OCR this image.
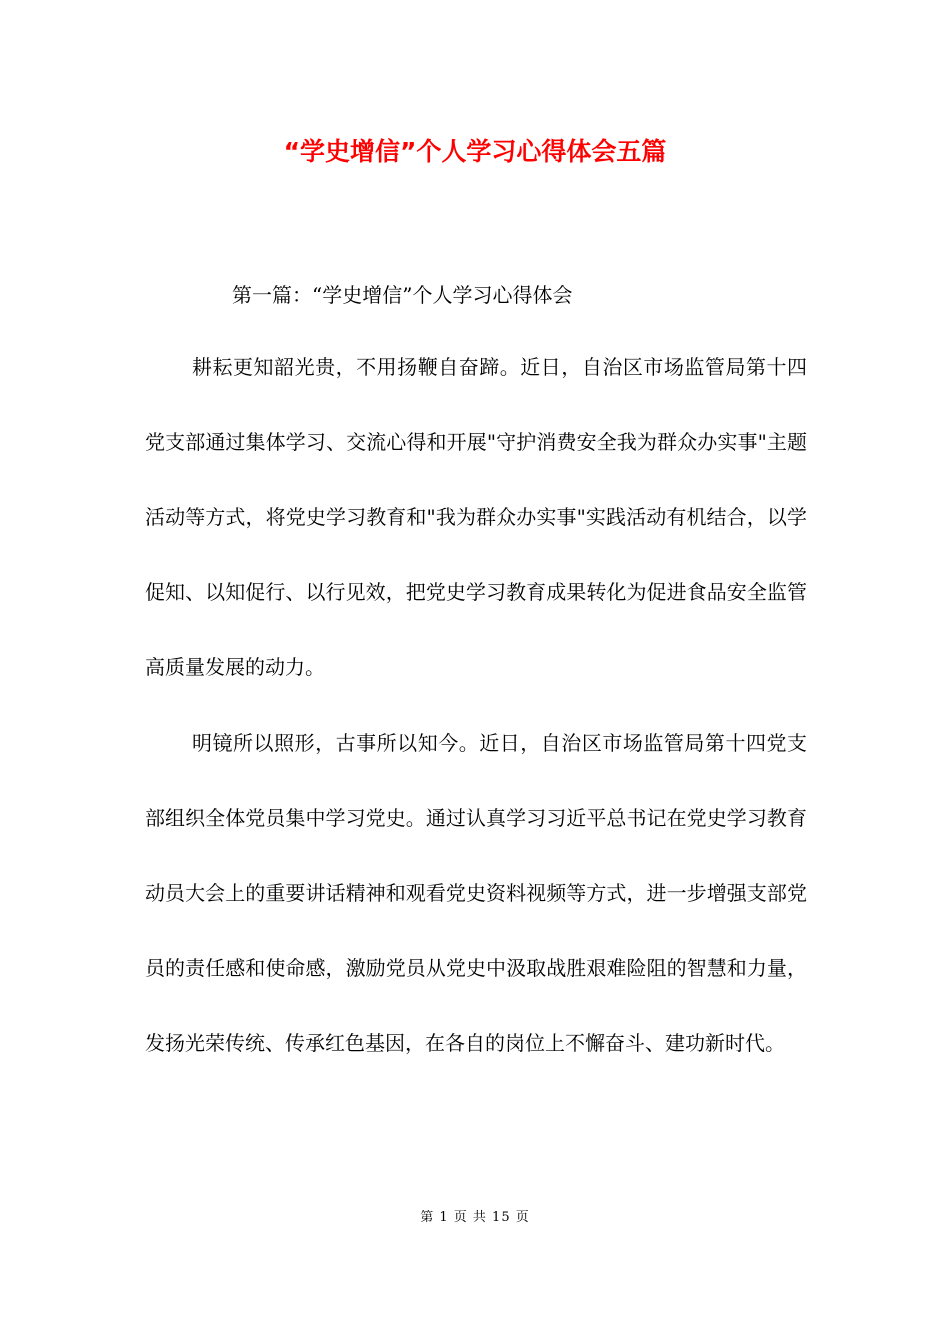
“学史增信”个人学习心得体会五篇
第一篇：“学史增信”个人学习心得体会

耕耘更知韶光贵，不用扬鞭自奋蹄。近日，自治区市场监管局第十四党支部通过集体学习、交流心得和开展"守护消费安全我为群众办实事"主题活动等方式，将党史学习教育和"我为群众办实事"实践活动有机结合，以学促知、以知促行、以行见效，把党史学习教育成果转化为促进食品安全监管高质量发展的动力。

明镜所以照形，古事所以知今。近日，自治区市场监管局第十四党支部组织全体党员集中学习党史。通过认真学习习近平总书记在党史学习教育动员大会上的重要讲话精神和观看党史资料视频等方式，进一步增强支部党员的责任感和使命感，激励党员从党史中汲取战胜艰难险阻的智慧和力量，发扬光荣传统、传承红色基因，在各自的岗位上不懈奋斗、建功新时代。

第 1 页 共 15 页
